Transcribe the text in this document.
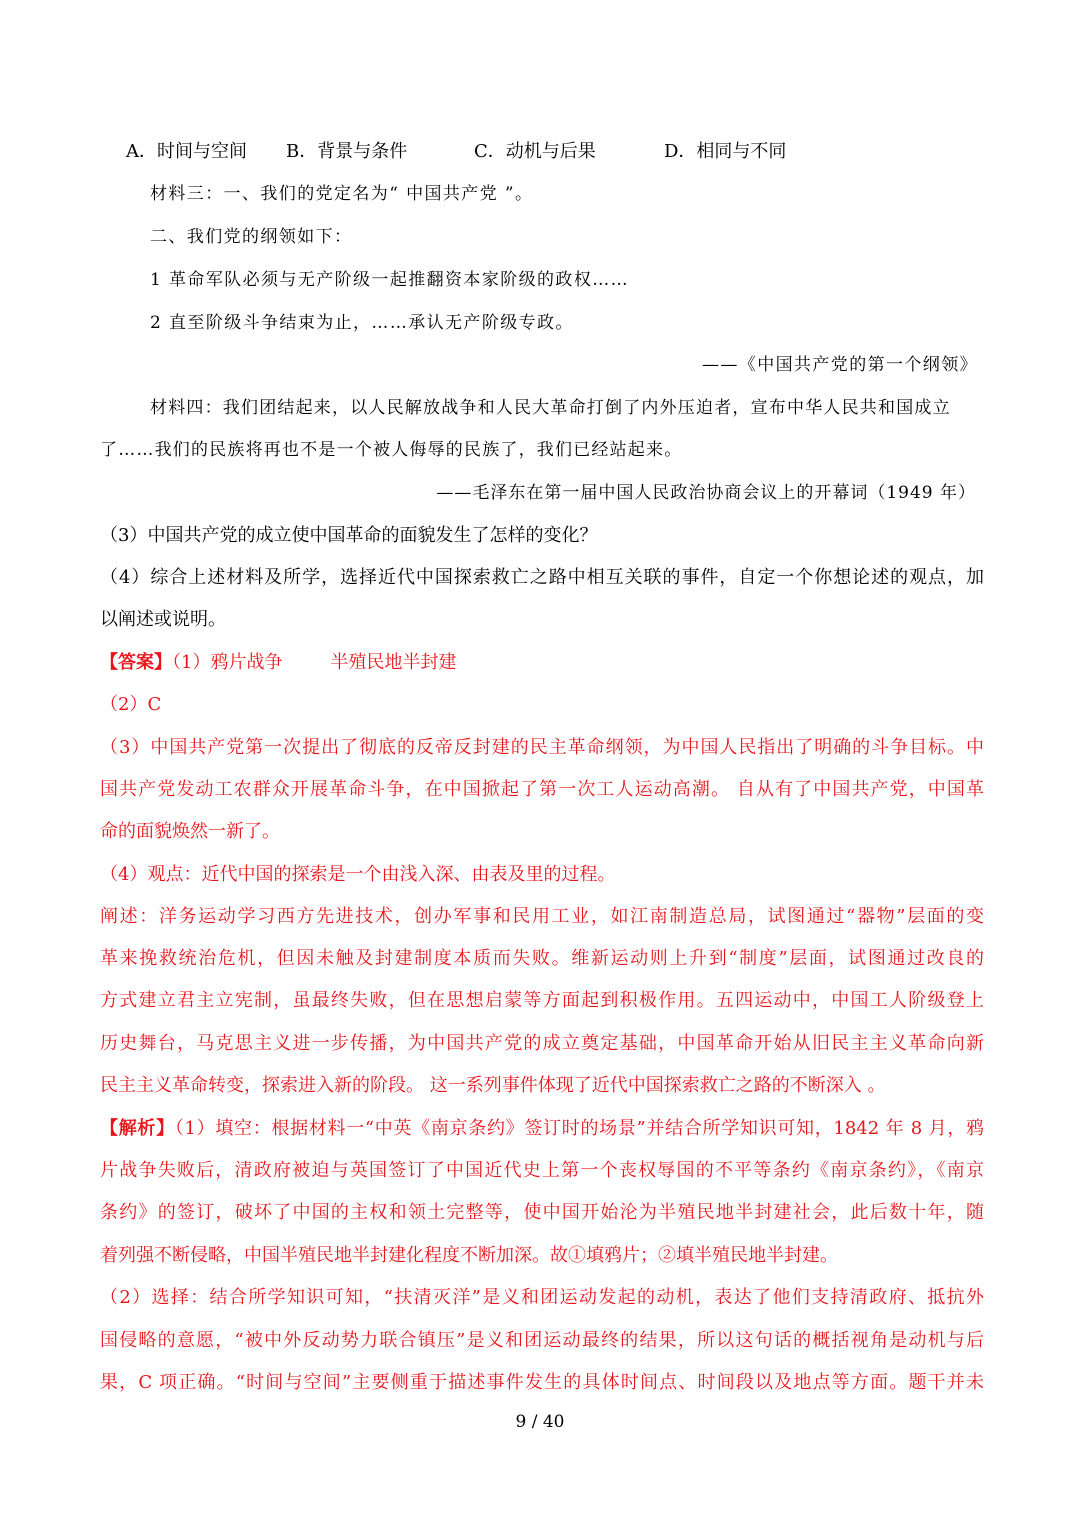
A．时间与空间 B．背景与条件	C．动机与后果	D．相同与不同
材料三：一、我们的党定名为“ 中国共产党 ”。
二、我们党的纲领如下：
1 革命军队必须与无产阶级一起推翻资本家阶级的政权……
2 直至阶级斗争结束为止，……承认无产阶级专政。
——《中国共产党的第一个纲领》
材料四：我们团结起来，以人民解放战争和人民大革命打倒了内外压迫者，宣布中华人民共和国成立
了……我们的民族将再也不是一个被人侮辱的民族了，我们已经站起来。
——毛泽东在第一届中国人民政治协商会议上的开幕词（1949 年）
（3）中国共产党的成立使中国革命的面貌发生了怎样的变化？
（4）综合上述材料及所学，选择近代中国探索救亡之路中相互关联的事件，自定一个你想论述的观点，加
以阐述或说明。
【答案】（1）鸦片战争	半殖民地半封建
（2）C
（3）中国共产党第一次提出了彻底的反帝反封建的民主革命纲领，为中国人民指出了明确的斗争目标。中
国共产党发动工农群众开展革命斗争，在中国掀起了第一次工人运动高潮。 自从有了中国共产党，中国革
命的面貌焕然一新了。
（4）观点：近代中国的探索是一个由浅入深、由表及里的过程。
阐述：洋务运动学习西方先进技术，创办军事和民用工业，如江南制造总局，试图通过“器物”层面的变
革来挽救统治危机，但因未触及封建制度本质而失败。维新运动则上升到“制度”层面，试图通过改良的
方式建立君主立宪制，虽最终失败，但在思想启蒙等方面起到积极作用。五四运动中，中国工人阶级登上
历史舞台，马克思主义进一步传播，为中国共产党的成立奠定基础，中国革命开始从旧民主主义革命向新
民主主义革命转变，探索进入新的阶段。 这一系列事件体现了近代中国探索救亡之路的不断深入 。
【解析】（1）填空：根据材料一“中英《南京条约》签订时的场景”并结合所学知识可知，1842 年 8 月，鸦
片战争失败后，清政府被迫与英国签订了中国近代史上第一个丧权辱国的不平等条约《南京条约》，《南京
条约》的签订，破坏了中国的主权和领土完整等，使中国开始沦为半殖民地半封建社会，此后数十年，随
着列强不断侵略，中国半殖民地半封建化程度不断加深。故①填鸦片；②填半殖民地半封建。
（2）选择：结合所学知识可知，“扶清灭洋”是义和团运动发起的动机，表达了他们支持清政府、抵抗外
国侵略的意愿，“被中外反动势力联合镇压”是义和团运动最终的结果，所以这句话的概括视角是动机与后
果，C 项正确。“时间与空间”主要侧重于描述事件发生的具体时间点、时间段以及地点等方面。题干并未
9 / 40
